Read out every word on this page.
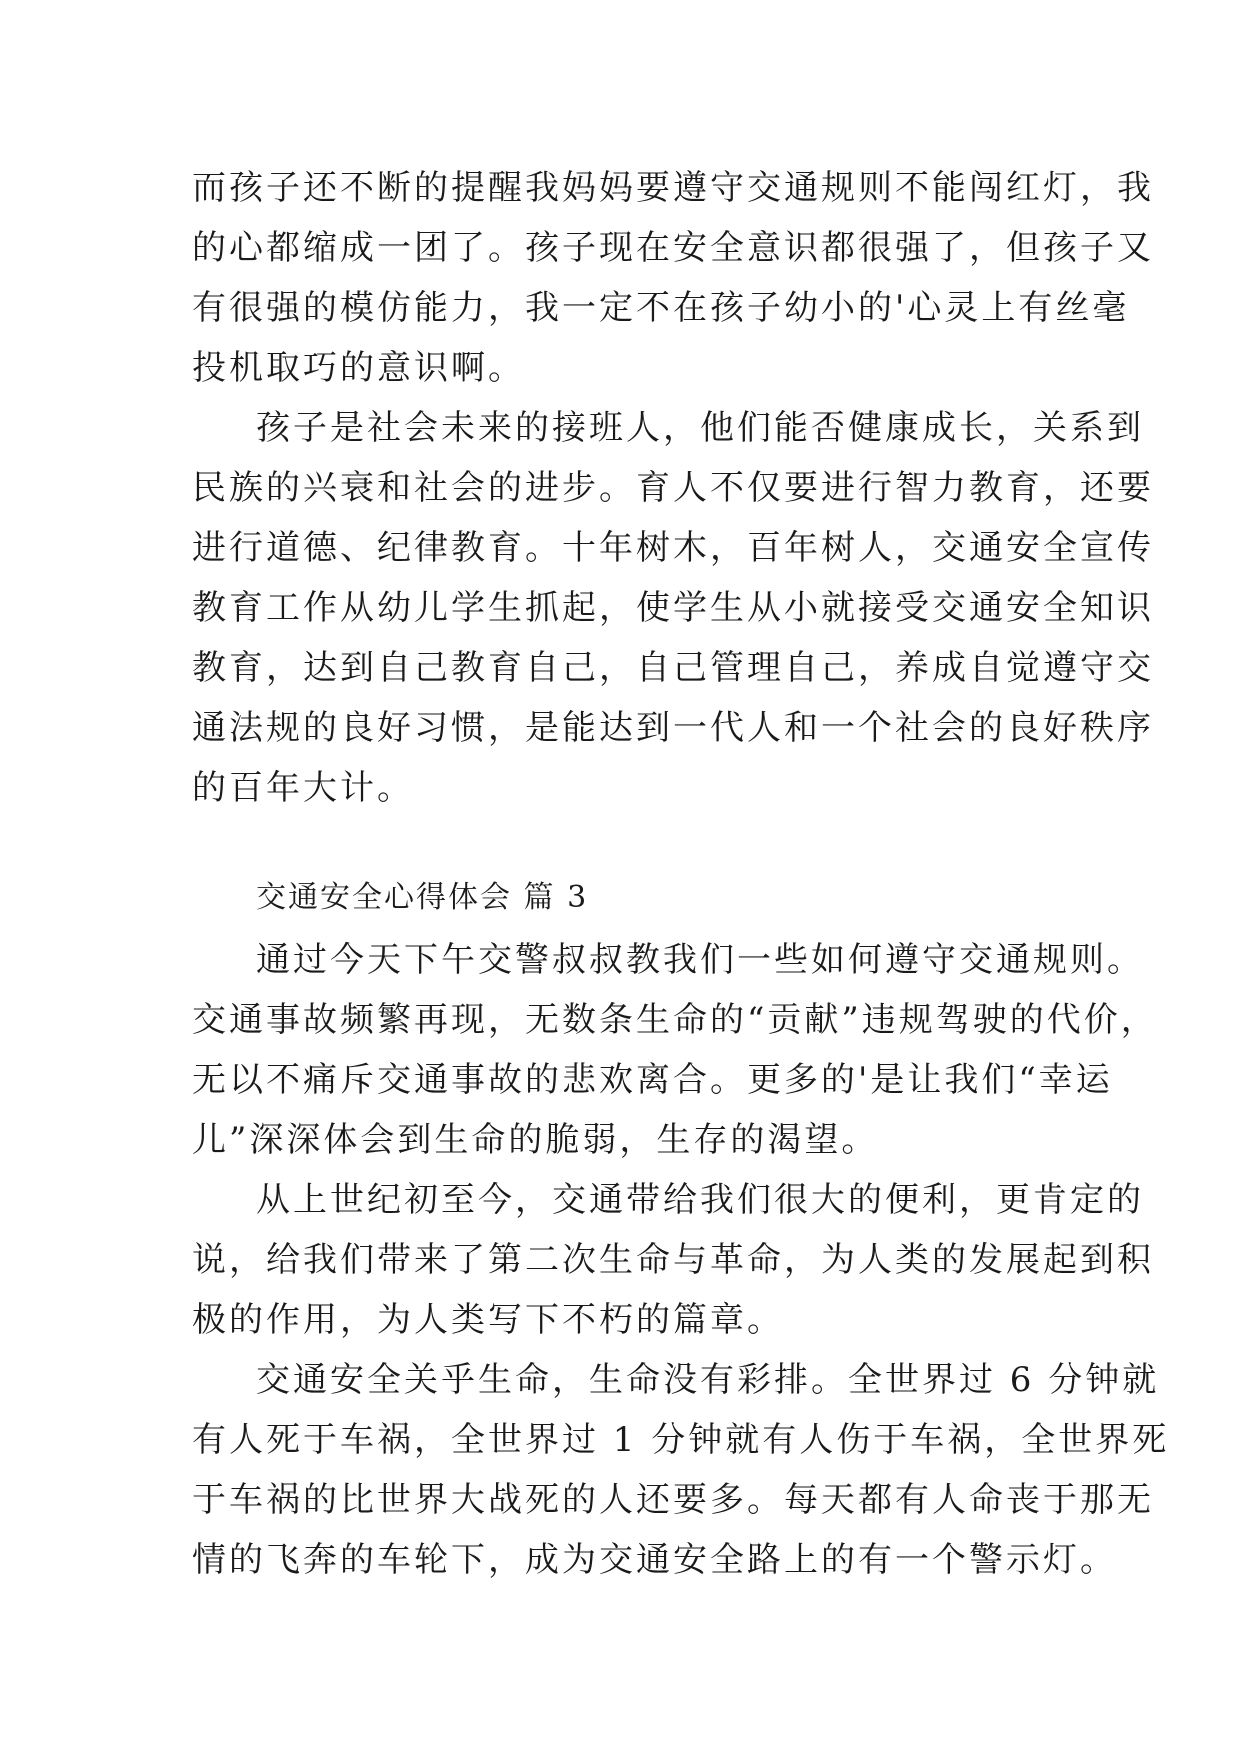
而孩子还不断的提醒我妈妈要遵守交通规则不能闯红灯，我
的心都缩成一团了。孩子现在安全意识都很强了，但孩子又
有很强的模仿能力，我一定不在孩子幼小的'心灵上有丝毫
投机取巧的意识啊。
孩子是社会未来的接班人，他们能否健康成长，关系到
民族的兴衰和社会的进步。育人不仅要进行智力教育，还要
进行道德、纪律教育。十年树木，百年树人，交通安全宣传
教育工作从幼儿学生抓起，使学生从小就接受交通安全知识
教育，达到自己教育自己，自己管理自己，养成自觉遵守交
通法规的良好习惯，是能达到一代人和一个社会的良好秩序
的百年大计。
交通安全心得体会 篇 3
通过今天下午交警叔叔教我们一些如何遵守交通规则。
交通事故频繁再现，无数条生命的“贡献”违规驾驶的代价，
无以不痛斥交通事故的悲欢离合。更多的'是让我们“幸运
儿”深深体会到生命的脆弱，生存的渴望。
从上世纪初至今，交通带给我们很大的便利，更肯定的
说，给我们带来了第二次生命与革命，为人类的发展起到积
极的作用，为人类写下不朽的篇章。
交通安全关乎生命，生命没有彩排。全世界过 6 分钟就
有人死于车祸，全世界过 1 分钟就有人伤于车祸，全世界死
于车祸的比世界大战死的人还要多。每天都有人命丧于那无
情的飞奔的车轮下，成为交通安全路上的有一个警示灯。
